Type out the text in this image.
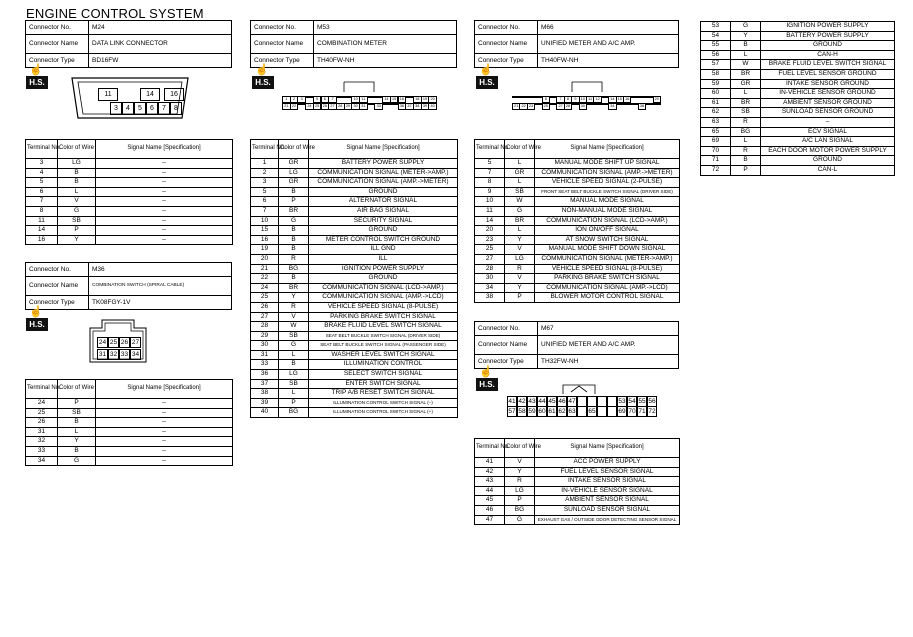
ENGINE CONTROL SYSTEM
Connector No.	M24
Connector Name	DATA LINK CONNECTOR
Connector Type	BD16FW
☝
H.S.
11	14	16
3	4	5	6	7	8
Terminal No.	Color of Wire	Signal Name [Specification]
3	LG	–
4	B	–
5	B	–
6	L	–
7	V	–
8	G	–
11	SB	–
14	P	–
16	Y	–
Connector No.	M36
Connector Name	COMBINATION SWITCH (SPIRAL CABLE)
Connector Type	TK08FGY-1V
☝
H.S.
24 25 26 27
31 32 33 34
Terminal No.	Color of Wire	Signal Name [Specification]
24	P	–
25	SB	–
26	B	–
31	L	–
32	Y	–
33	B	–
34	G	–
Connector No.	M53
Connector Name	COMBINATION METER
Connector Type	TH40FW-NH
☝
H.S.
1	2	3	5	6	7	10 11	14 15 16	18 19 20
21 22	24 25 26 27 28 29 30 31	33	36 37 38 39 40
Terminal No.	Color of Wire	Signal Name [Specification]
1	GR	BATTERY POWER SUPPLY
2	LG	COMMUNICATION SIGNAL (METER->AMP.)
3	GR	COMMUNICATION SIGNAL (AMP.->METER)
5	B	GROUND
6	P	ALTERNATOR SIGNAL
7	BR	AIR BAG SIGNAL
10	G	SECURITY SIGNAL
15	B	GROUND
16	B	METER CONTROL SWITCH GROUND
19	B	ILL GND
20	R	ILL
21	BG	IGNITION POWER SUPPLY
22	B	GROUND
24	BR	COMMUNICATION SIGNAL (LCD->AMP.)
25	Y	COMMUNICATION SIGNAL (AMP.->LCD)
26	R	VEHICLE SPEED SIGNAL (8-PULSE)
27	V	PARKING BRAKE SWITCH SIGNAL
28	W	BRAKE FLUID LEVEL SWITCH SIGNAL
29	SB	SEAT BELT BUCKLE SWITCH SIGNAL (DRIVER SIDE)
30	G	SEAT BELT BUCKLE SWITCH SIGNAL (PASSENGER SIDE)
31	L	WASHER LEVEL SWITCH SIGNAL
33	B	ILLUMINATION CONTROL
36	LG	SELECT SWITCH SIGNAL
37	SB	ENTER SWITCH SIGNAL
38	L	TRIP A/B RESET SWITCH SIGNAL
39	P	ILLUMINATION CONTROL SWITCH SIGNAL (–)
40	BG	ILLUMINATION CONTROL SWITCH SIGNAL (+)
Connector No.	M66
Connector Name	UNIFIED METER AND A/C AMP.
Connector Type	TH40FW-NH
☝
H.S.
5	7	8	9	10 11 12	14 15 16	20
21 22 23	25	27 28	30	34	38
Terminal No.	Color of Wire	Signal Name [Specification]
5	L	MANUAL MODE SHIFT UP SIGNAL
7	GR	COMMUNICATION SIGNAL (AMP.->METER)
8	L	VEHICLE SPEED SIGNAL (2-PULSE)
9	SB	FRONT SEAT BELT BUCKLE SWITCH SIGNAL (DRIVER SIDE)
10	W	MANUAL MODE SIGNAL
11	G	NON-MANUAL MODE SIGNAL
14	BR	COMMUNICATION SIGNAL (LCD->AMP.)
20	L	ION ON/OFF SIGNAL
23	Y	AT SNOW SWITCH SIGNAL
25	V	MANUAL MODE SHIFT DOWN SIGNAL
27	LG	COMMUNICATION SIGNAL (METER->AMP.)
28	R	VEHICLE SPEED SIGNAL (8-PULSE)
30	V	PARKING BRAKE SWITCH SIGNAL
34	Y	COMMUNICATION SIGNAL (AMP.->LCD)
38	P	BLOWER MOTOR CONTROL SIGNAL
Connector No.	M67
Connector Name	UNIFIED METER AND A/C AMP.
Connector Type	TH32FW-NH
☝
H.S.
41 42 43 44 45 46 47	53 54 55 56
57 58 59 60 61 62 63 65	69 70 71 72
Terminal No.	Color of Wire	Signal Name [Specification]
41	V	ACC POWER SUPPLY
42	Y	FUEL LEVEL SENSOR SIGNAL
43	R	INTAKE SENSOR SIGNAL
44	LG	IN-VEHICLE SENSOR SIGNAL
45	P	AMBIENT SENSOR SIGNAL
46	BG	SUNLOAD SENSOR SIGNAL
47	G	EXHAUST GAS / OUTSIDE ODOR DETECTING SENSOR SIGNAL
53	G	IGNITION POWER SUPPLY
54	Y	BATTERY POWER SUPPLY
55	B	GROUND
56	L	CAN-H
57	W	BRAKE FLUID LEVEL SWITCH SIGNAL
58	BR	FUEL LEVEL SENSOR GROUND
59	GR	INTAKE SENSOR GROUND
60	L	IN-VEHICLE SENSOR GROUND
61	BR	AMBIENT SENSOR GROUND
62	SB	SUNLOAD SENSOR GROUND
63	R	–
65	BG	ECV SIGNAL
69	L	A/C LAN SIGNAL
70	R	EACH DOOR MOTOR POWER SUPPLY
71	B	GROUND
72	P	CAN-L
